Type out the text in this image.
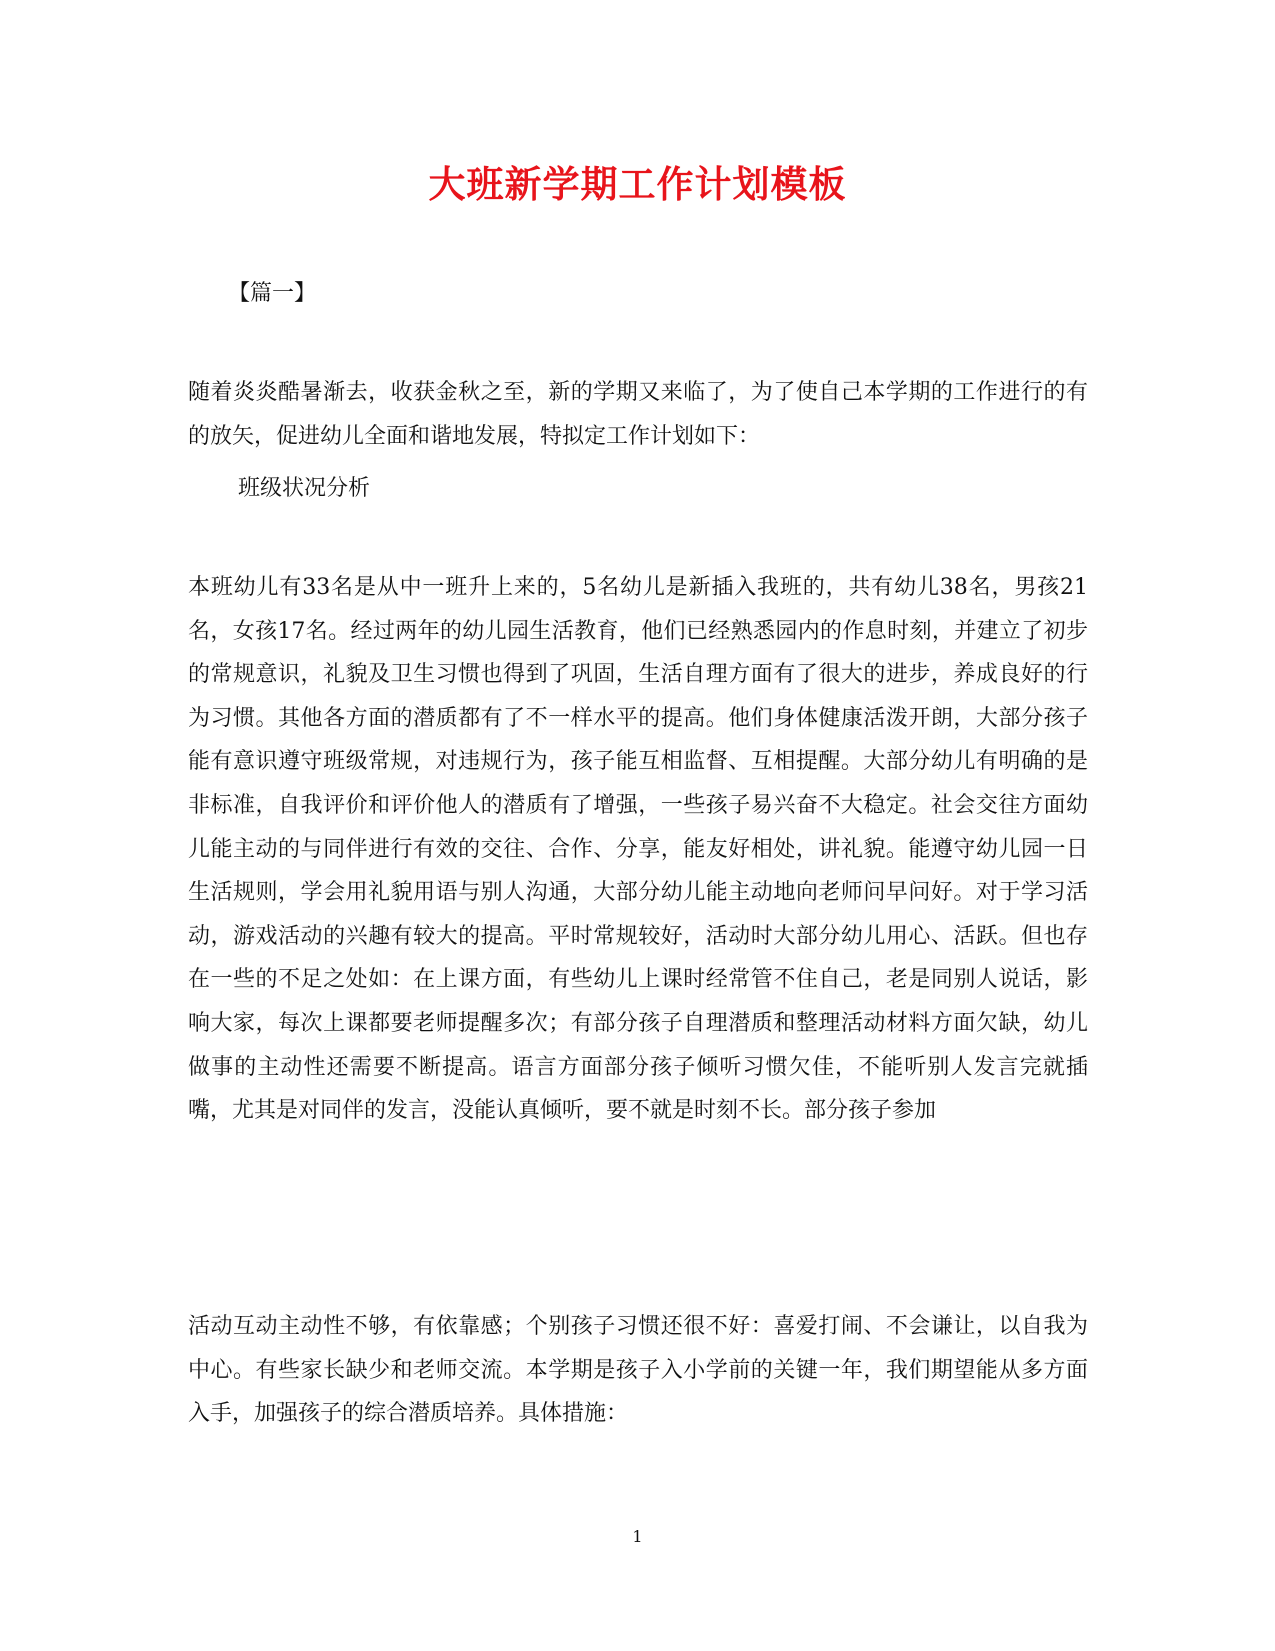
大班新学期工作计划模板
【篇一】

随着炎炎酷暑渐去，收获金秋之至，新的学期又来临了，为了使自己本学期的工作进行的有的放矢，促进幼儿全面和谐地发展，特拟定工作计划如下：

班级状况分析

本班幼儿有33名是从中一班升上来的，5名幼儿是新插入我班的，共有幼儿38名，男孩21名，女孩17名。经过两年的幼儿园生活教育，他们已经熟悉园内的作息时刻，并建立了初步的常规意识，礼貌及卫生习惯也得到了巩固，生活自理方面有了很大的进步，养成良好的行为习惯。其他各方面的潜质都有了不一样水平的提高。他们身体健康活泼开朗，大部分孩子能有意识遵守班级常规，对违规行为，孩子能互相监督、互相提醒。大部分幼儿有明确的是非标准，自我评价和评价他人的潜质有了增强，一些孩子易兴奋不大稳定。社会交往方面幼儿能主动的与同伴进行有效的交往、合作、分享，能友好相处，讲礼貌。能遵守幼儿园一日生活规则，学会用礼貌用语与别人沟通，大部分幼儿能主动地向老师问早问好。对于学习活动，游戏活动的兴趣有较大的提高。平时常规较好，活动时大部分幼儿用心、活跃。但也存在一些的不足之处如：在上课方面，有些幼儿上课时经常管不住自己，老是同别人说话，影响大家，每次上课都要老师提醒多次；有部分孩子自理潜质和整理活动材料方面欠缺，幼儿做事的主动性还需要不断提高。语言方面部分孩子倾听习惯欠佳，不能听别人发言完就插嘴，尤其是对同伴的发言，没能认真倾听，要不就是时刻不长。部分孩子参加

活动互动主动性不够，有依靠感；个别孩子习惯还很不好：喜爱打闹、不会谦让，以自我为中心。有些家长缺少和老师交流。本学期是孩子入小学前的关键一年，我们期望能从多方面入手，加强孩子的综合潜质培养。具体措施：

1
